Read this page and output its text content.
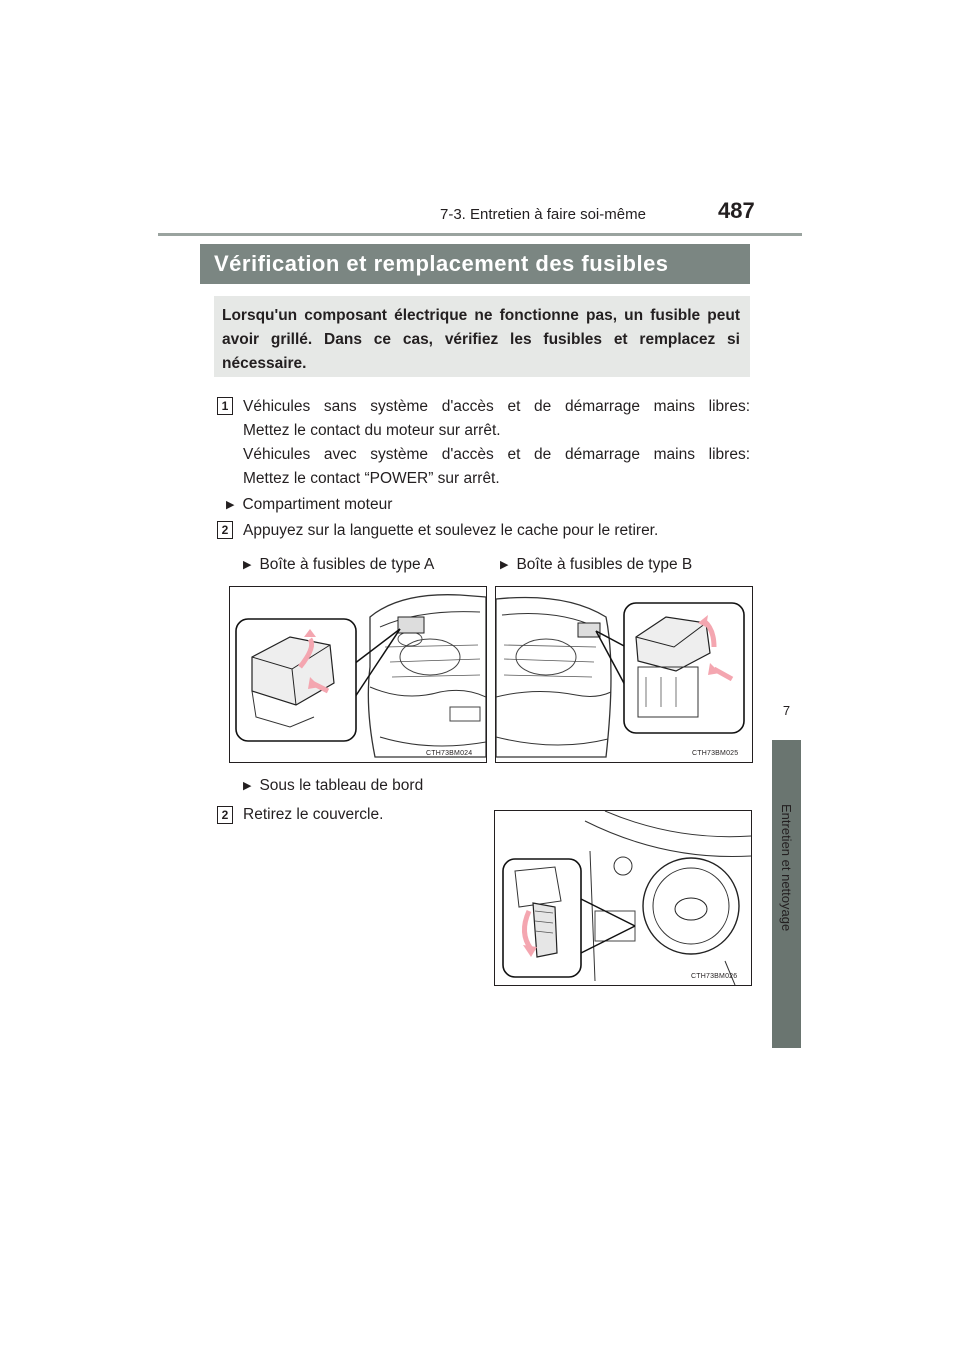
7-3. Entretien à faire soi-même	487
7
Entretien et nettoyage
Vérification et remplacement des fusibles

Lorsqu'un composant électrique ne fonctionne pas, un fusible peut avoir grillé. Dans ce cas, vérifiez les fusibles et remplacez si nécessaire.

1 Véhicules sans système d'accès et de démarrage mains libres:
Mettez le contact du moteur sur arrêt.
Véhicules avec système d'accès et de démarrage mains libres:
Mettez le contact “POWER” sur arrêt.
▶ Compartiment moteur
2 Appuyez sur la languette et soulevez le cache pour le retirer.
▶ Boîte à fusibles de type A
▶	Boîte à fusibles de type B
CTH73BM024	CTH73BM025
▶ Sous le tableau de bord
2 Retirez le couvercle.
CTH73BM026
